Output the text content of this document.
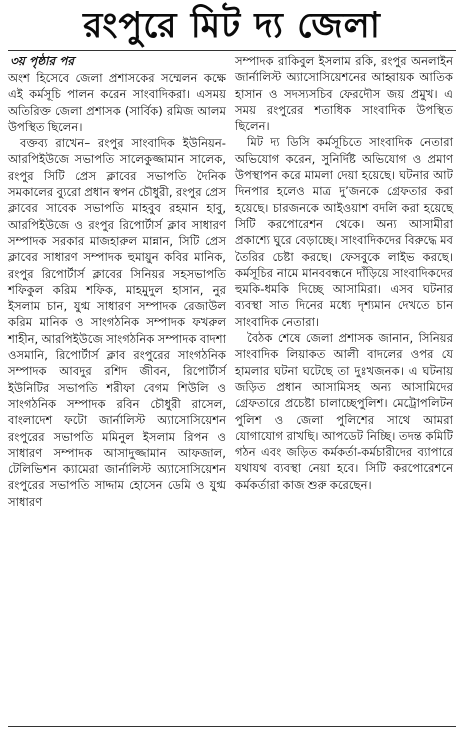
রংপুরে মিট দ্য জেলা
৩য় পৃষ্ঠার পর

অংশ হিসেবে জেলা প্রশাসকের সম্মেলন কক্ষে এই কর্মসূচি পালন করেন সাংবাদিকরা। এসময় অতিরিক্ত জেলা প্রশাসক (সার্বিক) রমিজ আলম উপস্থিত ছিলেন।

বক্তব্য রাখেন– রংপুর সাংবাদিক ইউনিয়ন-আরপিইউজে সভাপতি সালেকুজ্জামান সালেক, রংপুর সিটি প্রেস ক্লাবের সভাপতি দৈনিক সমকালের ব্যুরো প্রধান স্বপন চৌধুরী, রংপুর প্রেস ক্লাবের সাবেক সভাপতি মাহবুব রহমান হাবু, আরপিইউজে ও রংপুর রিপোর্টার্স ক্লাব সাধারণ সম্পাদক সরকার মাজহারুল মান্নান, সিটি প্রেস ক্লাবের সাধারণ সম্পাদক হুমায়ুন কবির মানিক, রংপুর রিপোর্টার্স ক্লাবের সিনিয়র সহসভাপতি শফিকুল করিম শফিক, মাহমুদুল হাসান, নুর ইসলাম চান, যুগ্ম সাধারণ সম্পাদক রেজাউল করিম মানিক ও সাংগঠনিক সম্পাদক ফখরুল শাহীন, আরপিইউজে সাংগঠনিক সম্পাদক বাদশা ওসমানি, রিপোর্টার্স ক্লাব রংপুরের সাংগঠনিক সম্পাদক আবদুর রশিদ জীবন, রিপোর্টার্স ইউনিটির সভাপতি শরীফা বেগম শিউলি ও সাংগঠনিক সম্পাদক রবিন চৌধুরী রাসেল, বাংলাদেশ ফটো জার্নালিস্ট অ্যাসোসিয়েশন রংপুরের সভাপতি মমিনুল ইসলাম রিপন ও সাধারণ সম্পাদক আসাদুজ্জামান আফজাল, টেলিভিশন ক্যামেরা জার্নালিস্ট অ্যাসোসিয়েশন রংপুরের সভাপতি সাদ্দাম হোসেন ডেমি ও যুগ্ম সাধারণ

সম্পাদক রাকিবুল ইসলাম রকি, রংপুর অনলাইন জার্নালিস্ট অ্যাসোসিয়েশনের আহ্বায়ক আতিক হাসান ও সদস্যসচিব ফেরদৌস জয় প্রমুখ। এ সময় রংপুরের শতাধিক সাংবাদিক উপস্থিত ছিলেন।

মিট দ্য ডিসি কর্মসূচিতে সাংবাদিক নেতারা অভিযোগ করেন, সুনির্দিষ্ট অভিযোগ ও প্রমাণ উপস্থাপন করে মামলা দেয়া হয়েছে। ঘটনার আট দিনপার হলেও মাত্র দু’জনকে গ্রেফতার করা হয়েছে। চারজনকে আইওয়াশ বদলি করা হয়েছে সিটি করপোরেশন থেকে। অন্য আসামীরা প্রকাশ্যে ঘুরে বেড়াচ্ছে। সাংবাদিকদের বিরুদ্ধে মব তৈরির চেষ্টা করছে। ফেসবুকে লাইভ করছে। কর্মসূচির নামে মানববন্ধনে দাঁড়িয়ে সাংবাদিকদের হুমকি-ধমকি দিচ্ছে আসামিরা। এসব ঘটনার ব্যবস্থা সাত দিনের মধ্যে দৃশ্যমান দেখতে চান সাংবাদিক নেতারা।

বৈঠক শেষে জেলা প্রশাসক জানান, সিনিয়র সাংবাদিক লিয়াকত আলী বাদলের ওপর যে হামলার ঘটনা ঘটেছে তা দুঃখজনক। এ ঘটনায় জড়িত প্রধান আসামিসহ অন্য আসামিদের গ্রেফতারে প্রচেষ্টা চালাচ্ছেপুলিশ। মেট্রোপলিটন পুলিশ ও জেলা পুলিশের সাথে আমরা যোগাযোগ রাখছি। আপডেট নিচ্ছি। তদন্ত কমিটি গঠন এবং জড়িত কর্মকর্তা-কর্মচারীদের ব্যাপারে যথাযথ ব্যবস্থা নেয়া হবে। সিটি করপোরেশনে কর্মকর্তারা কাজ শুরু করেছেন।
